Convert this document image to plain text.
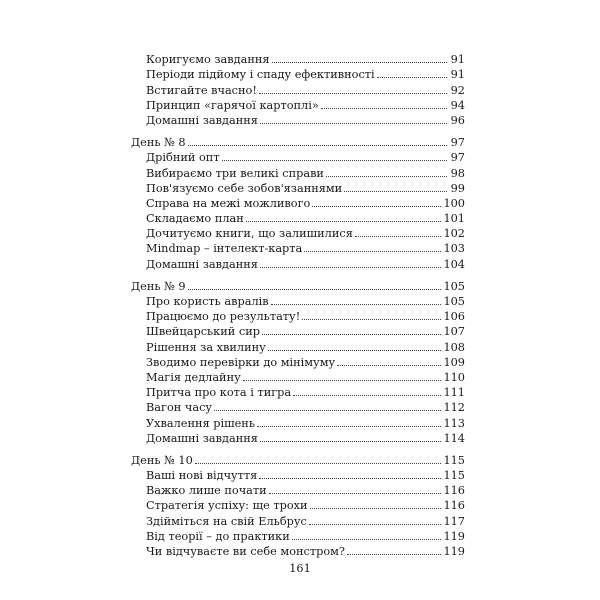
Коригуємо завдання	91
Періоди підйому і спаду ефективності	91
Встигайте вчасно!	92
Принцип «гарячої картоплі»	94
Домашні завдання	96
День № 8	97
Дрібний опт	97
Вибираємо три великі справи	98
Пов'язуємо себе зобов'язаннями	99
Справа на межі можливого	100
Складаємо план	101
Дочитуємо книги, що залишилися	102
Mindmap – інтелект-карта	103
Домашні завдання	104
День № 9	105
Про користь авралів	105
Працюємо до результату!	106
Швейцарський сир	107
Рішення за хвилину	108
Зводимо перевірки до мінімуму	109
Магія дедлайну	110
Притча про кота і тигра	111
Вагон часу	112
Ухвалення рішень	113
Домашні завдання	114
День № 10	115
Ваші нові відчуття	115
Важко лише почати	116
Стратегія успіху: ще трохи	116
Здійміться на свій Ельбрус	117
Від теорії – до практики	119
Чи відчуваєте ви себе монстром?	119
161
